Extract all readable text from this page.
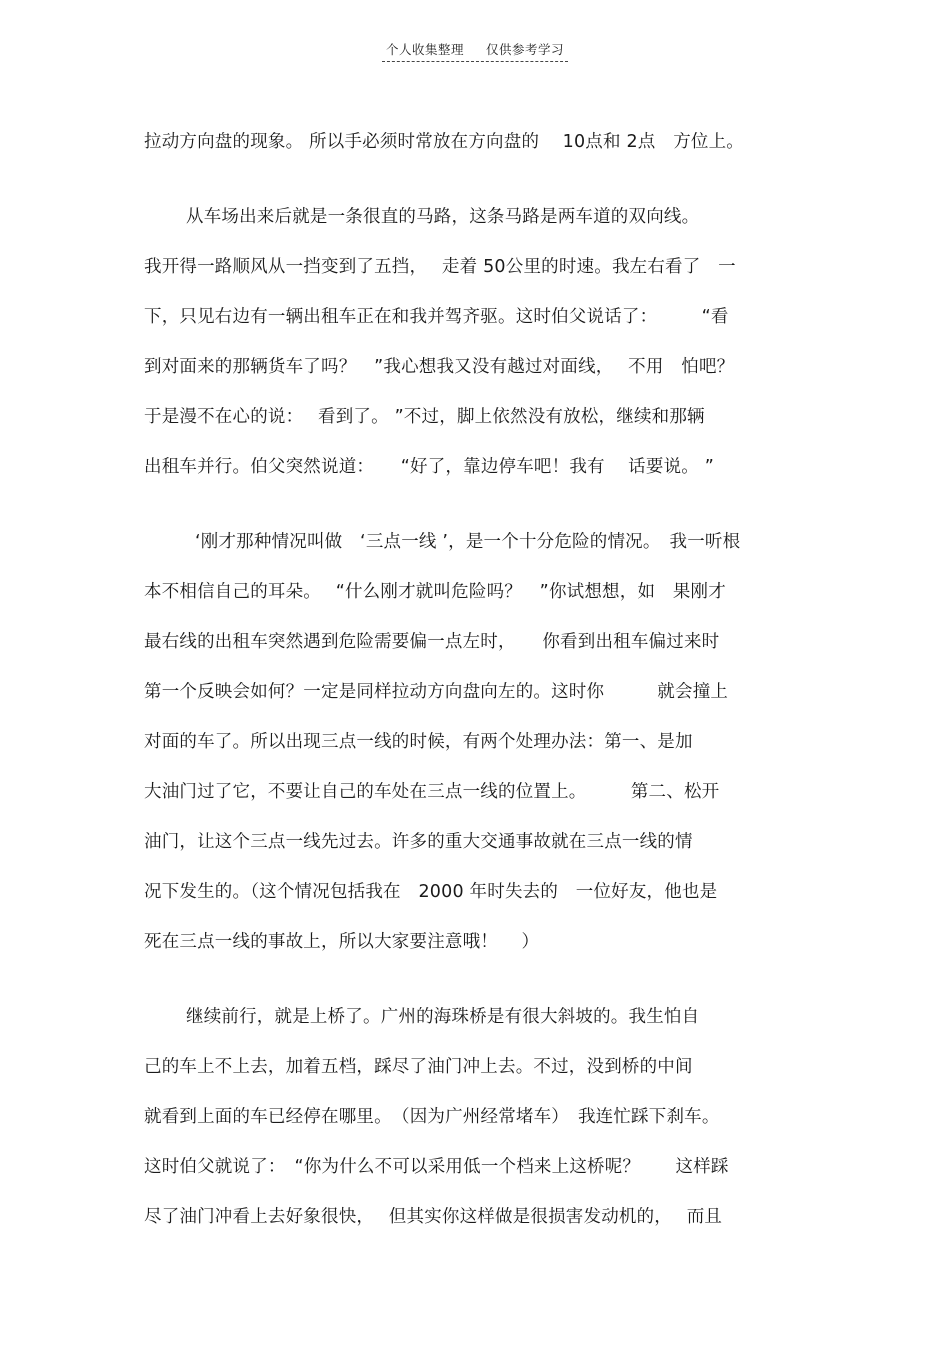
个人收集整理 仅供参考学习
拉动方向盘的现象。 所以手必须时常放在方向盘的　 10点和 2点　方位上。
从车场出来后就是一条很直的马路，这条马路是两车道的双向线。
我开得一路顺风从一挡变到了五挡，　 走着 50公里的时速。我左右看了　一
下，只见右边有一辆出租车正在和我并驾齐驱。这时伯父说话了：　　　“看
到对面来的那辆货车了吗？　”我心想我又没有越过对面线，　 不用　怕吧？
于是漫不在心的说：　 看到了。 ”不过，脚上依然没有放松，继续和那辆
出租车并行。伯父突然说道：　　“好了，靠边停车吧！我有　 话要说。 ”
‘刚才那种情况叫做　‘三点一线 ’，是一个十分危险的情况。　我一听根
本不相信自己的耳朵。　 “什么刚才就叫危险吗？　”你试想想，如　果刚才
最右线的出租车突然遇到危险需要偏一点左时，　　你看到出租车偏过来时
第一个反映会如何？一定是同样拉动方向盘向左的。这时你　　　就会撞上
对面的车了。所以出现三点一线的时候，有两个处理办法：第一、是加
大油门过了它，不要让自己的车处在三点一线的位置上。　　　第二、松开
油门，让这个三点一线先过去。许多的重大交通事故就在三点一线的情
况下发生的。（这个情况包括我在　2000 年时失去的　一位好友，他也是
死在三点一线的事故上，所以大家要注意哦！　 ）
继续前行，就是上桥了。广州的海珠桥是有很大斜坡的。我生怕自
己的车上不上去，加着五档，踩尽了油门冲上去。不过，没到桥的中间
就看到上面的车已经停在哪里。　（因为广州经常堵车）　我连忙踩下刹车。
这时伯父就说了：　“你为什么不可以采用低一个档来上这桥呢？　　这样踩
尽了油门冲看上去好象很快，　 但其实你这样做是很损害发动机的，　 而且
